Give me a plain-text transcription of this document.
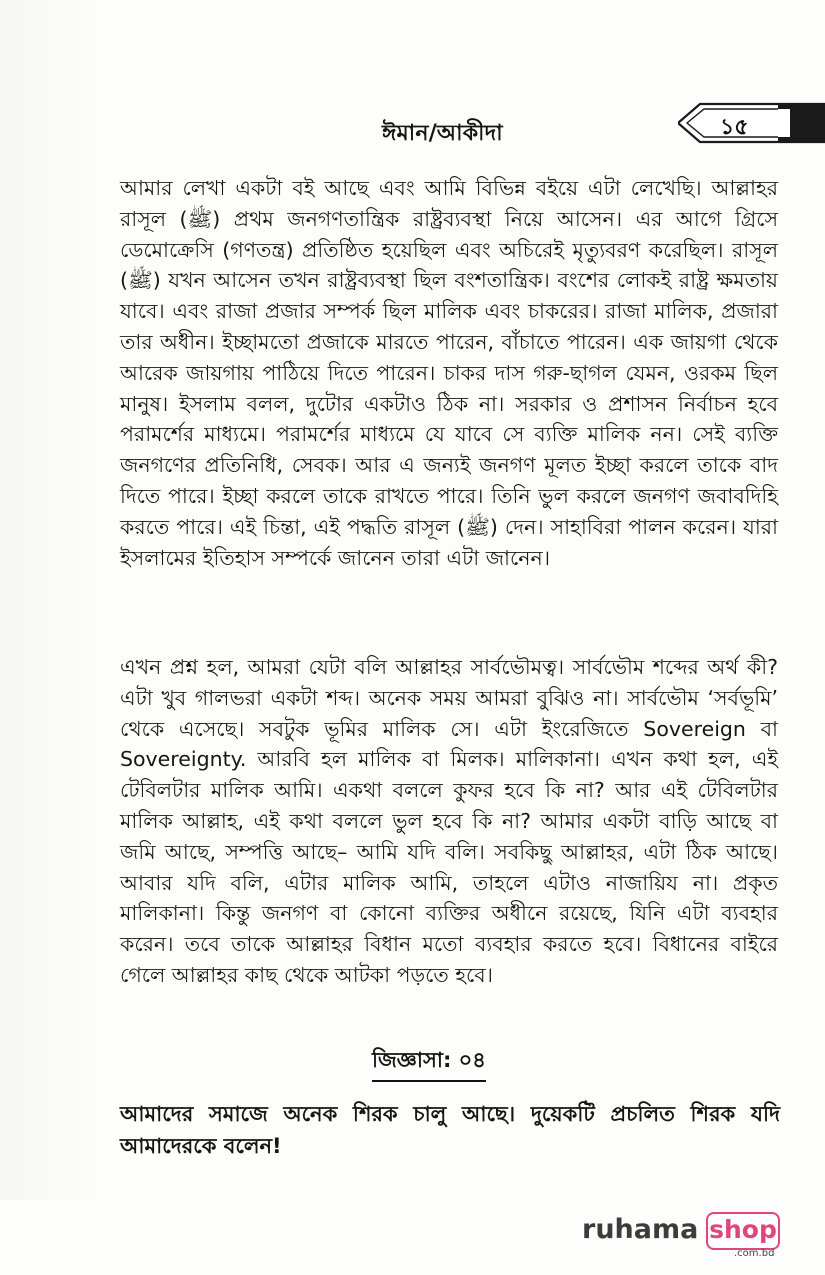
ঈমান/আকীদা	১৫
আমার লেখা একটা বই আছে এবং আমি বিভিন্ন বইয়ে এটা লেখেছি। আল্লাহর রাসূল (ﷺ) প্রথম জনগণতান্ত্রিক রাষ্ট্রব্যবস্থা নিয়ে আসেন। এর আগে গ্রিসে ডেমোক্রেসি (গণতন্ত্র) প্রতিষ্ঠিত হয়েছিল এবং অচিরেই মৃত্যুবরণ করেছিল। রাসূল (ﷺ) যখন আসেন তখন রাষ্ট্রব্যবস্থা ছিল বংশতান্ত্রিক। বংশের লোকই রাষ্ট্র ক্ষমতায় যাবে। এবং রাজা প্রজার সম্পর্ক ছিল মালিক এবং চাকরের। রাজা মালিক, প্রজারা তার অধীন। ইচ্ছামতো প্রজাকে মারতে পারেন, বাঁচাতে পারেন। এক জায়গা থেকে আরেক জায়গায় পাঠিয়ে দিতে পারেন। চাকর দাস গরু-ছাগল যেমন, ওরকম ছিল মানুষ। ইসলাম বলল, দুটোর একটাও ঠিক না। সরকার ও প্রশাসন নির্বাচন হবে পরামর্শের মাধ্যমে। পরামর্শের মাধ্যমে যে যাবে সে ব্যক্তি মালিক নন। সেই ব্যক্তি জনগণের প্রতিনিধি, সেবক। আর এ জন্যই জনগণ মূলত ইচ্ছা করলে তাকে বাদ দিতে পারে। ইচ্ছা করলে তাকে রাখতে পারে। তিনি ভুল করলে জনগণ জবাবদিহি করতে পারে। এই চিন্তা, এই পদ্ধতি রাসূল (ﷺ) দেন। সাহাবিরা পালন করেন। যারা ইসলামের ইতিহাস সম্পর্কে জানেন তারা এটা জানেন।
এখন প্রশ্ন হল, আমরা যেটা বলি আল্লাহর সার্বভৌমত্ব। সার্বভৌম শব্দের অর্থ কী? এটা খুব গালভরা একটা শব্দ। অনেক সময় আমরা বুঝিও না। সার্বভৌম ‘সর্বভূমি’ থেকে এসেছে। সবটুক ভূমির মালিক সে। এটা ইংরেজিতে Sovereign বা Sovereignty. আরবি হল মালিক বা মিলক। মালিকানা। এখন কথা হল, এই টেবিলটার মালিক আমি। একথা বললে কুফর হবে কি না? আর এই টেবিলটার মালিক আল্লাহ, এই কথা বললে ভুল হবে কি না? আমার একটা বাড়ি আছে বা জমি আছে, সম্পত্তি আছে– আমি যদি বলি। সবকিছু আল্লাহর, এটা ঠিক আছে। আবার যদি বলি, এটার মালিক আমি, তাহলে এটাও নাজায়িয না। প্রকৃত মালিকানা। কিন্তু জনগণ বা কোনো ব্যক্তির অধীনে রয়েছে, যিনি এটা ব্যবহার করেন। তবে তাকে আল্লাহর বিধান মতো ব্যবহার করতে হবে। বিধানের বাইরে গেলে আল্লাহর কাছ থেকে আটকা পড়তে হবে।
জিজ্ঞাসা: ০৪
আমাদের সমাজে অনেক শিরক চালু আছে। দুয়েকটি প্রচলিত শিরক যদি আমাদেরকে বলেন!
ruhama shop
.com.bd
